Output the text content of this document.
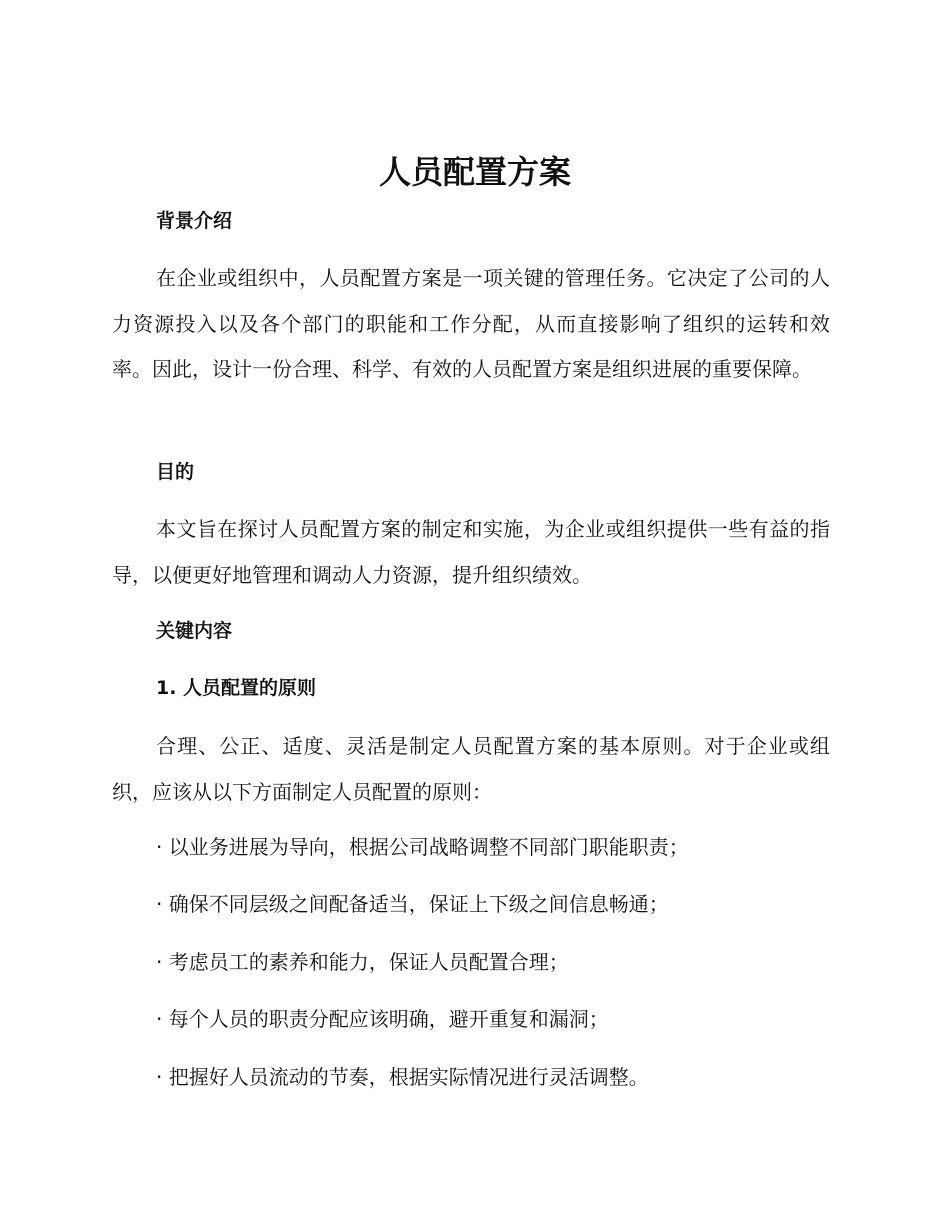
人员配置方案
背景介绍

在企业或组织中，人员配置方案是一项关键的管理任务。它决定了公司的人力资源投入以及各个部门的职能和工作分配，从而直接影响了组织的运转和效率。因此，设计一份合理、科学、有效的人员配置方案是组织进展的重要保障。

目的

本文旨在探讨人员配置方案的制定和实施，为企业或组织提供一些有益的指导，以便更好地管理和调动人力资源，提升组织绩效。

关键内容
1. 人员配置的原则

合理、公正、适度、灵活是制定人员配置方案的基本原则。对于企业或组织，应该从以下方面制定人员配置的原则：

· 以业务进展为导向，根据公司战略调整不同部门职能职责；

· 确保不同层级之间配备适当，保证上下级之间信息畅通；

· 考虑员工的素养和能力，保证人员配置合理；

· 每个人员的职责分配应该明确，避开重复和漏洞；

· 把握好人员流动的节奏，根据实际情况进行灵活调整。
